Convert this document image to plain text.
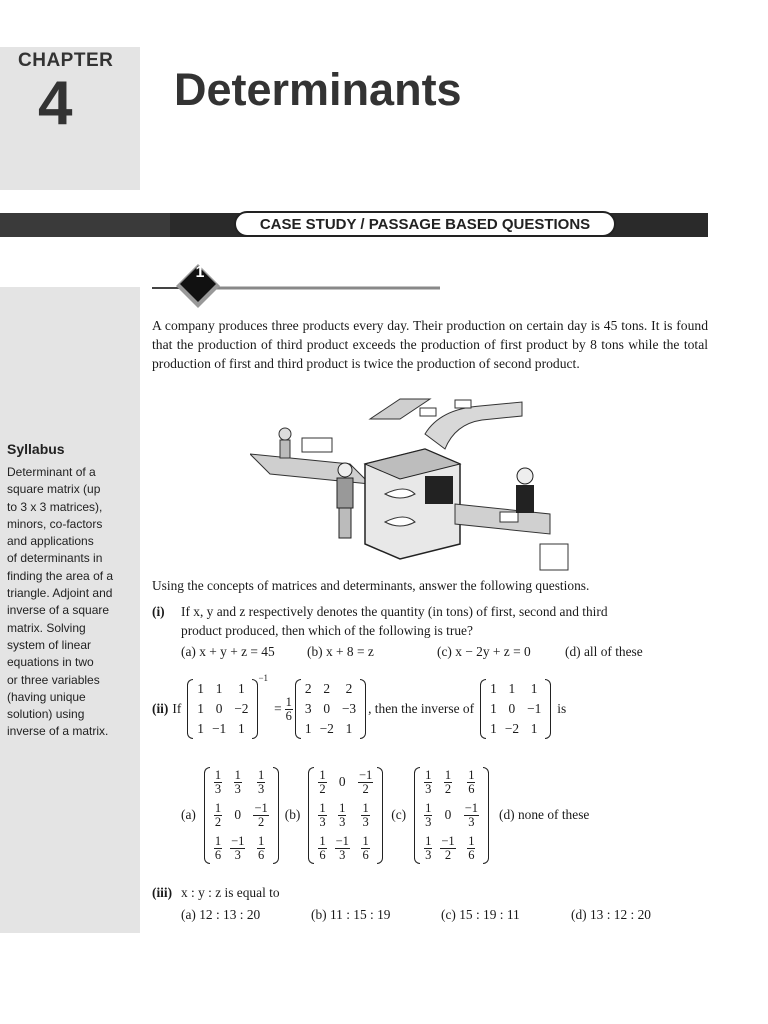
CHAPTER
4 Determinants
CASE STUDY / PASSAGE BASED QUESTIONS
Syllabus
Determinant of a
square matrix (up
to 3 x 3 matrices),
minors, co-factors
and applications
of determinants in
finding the area of a
triangle. Adjoint and
inverse of a square
matrix. Solving
system of linear
equations in two
or three variables
(having unique
solution) using
inverse of a matrix.
1
A company produces three products every day. Their production on certain day is 45 tons. It is found that the production of third product exceeds the production of first product by 8 tons while the total production of first and third product is twice the production of second product.
Using the concepts of matrices and determinants, answer the following questions.
(i) If x, y and z respectively denotes the quantity (in tons) of first, second and third
product produced, then which of the following is true?
(a) x + y + z = 45 (b) x + 8 = z	(c) x − 2y + z = 0	(d) all of these
(ii) If
1 1 1
1 0 −2
1 −1 1
−1
= $\frac{1}{6}$
2 2 2
3 0 −3
1 −2 1
, then the inverse of
1 1 1
1 0 −1
1 −2 1
is
(a)
$\frac{1}{3} \frac{1}{3} \frac{1}{3}$
$\frac{1}{2} 0 \frac{-1}{2}$
$\frac{1}{6} \frac{-1}{3} \frac{1}{6}$
(b)
$\frac{1}{2} 0 \frac{-1}{2}$
$\frac{1}{3} \frac{1}{3} \frac{1}{3}$
$\frac{1}{6} \frac{-1}{3} \frac{1}{6}$
(c)
$\frac{1}{3} \frac{1}{2} \frac{1}{6}$
$\frac{1}{3} 0 \frac{-1}{3}$
$\frac{1}{3} \frac{-1}{2} \frac{1}{6}$
(d) none of these
(iii) x : y : z is equal to
(a) 12 : 13 : 20	(b) 11 : 15 : 19	(c) 15 : 19 : 11	(d) 13 : 12 : 20
